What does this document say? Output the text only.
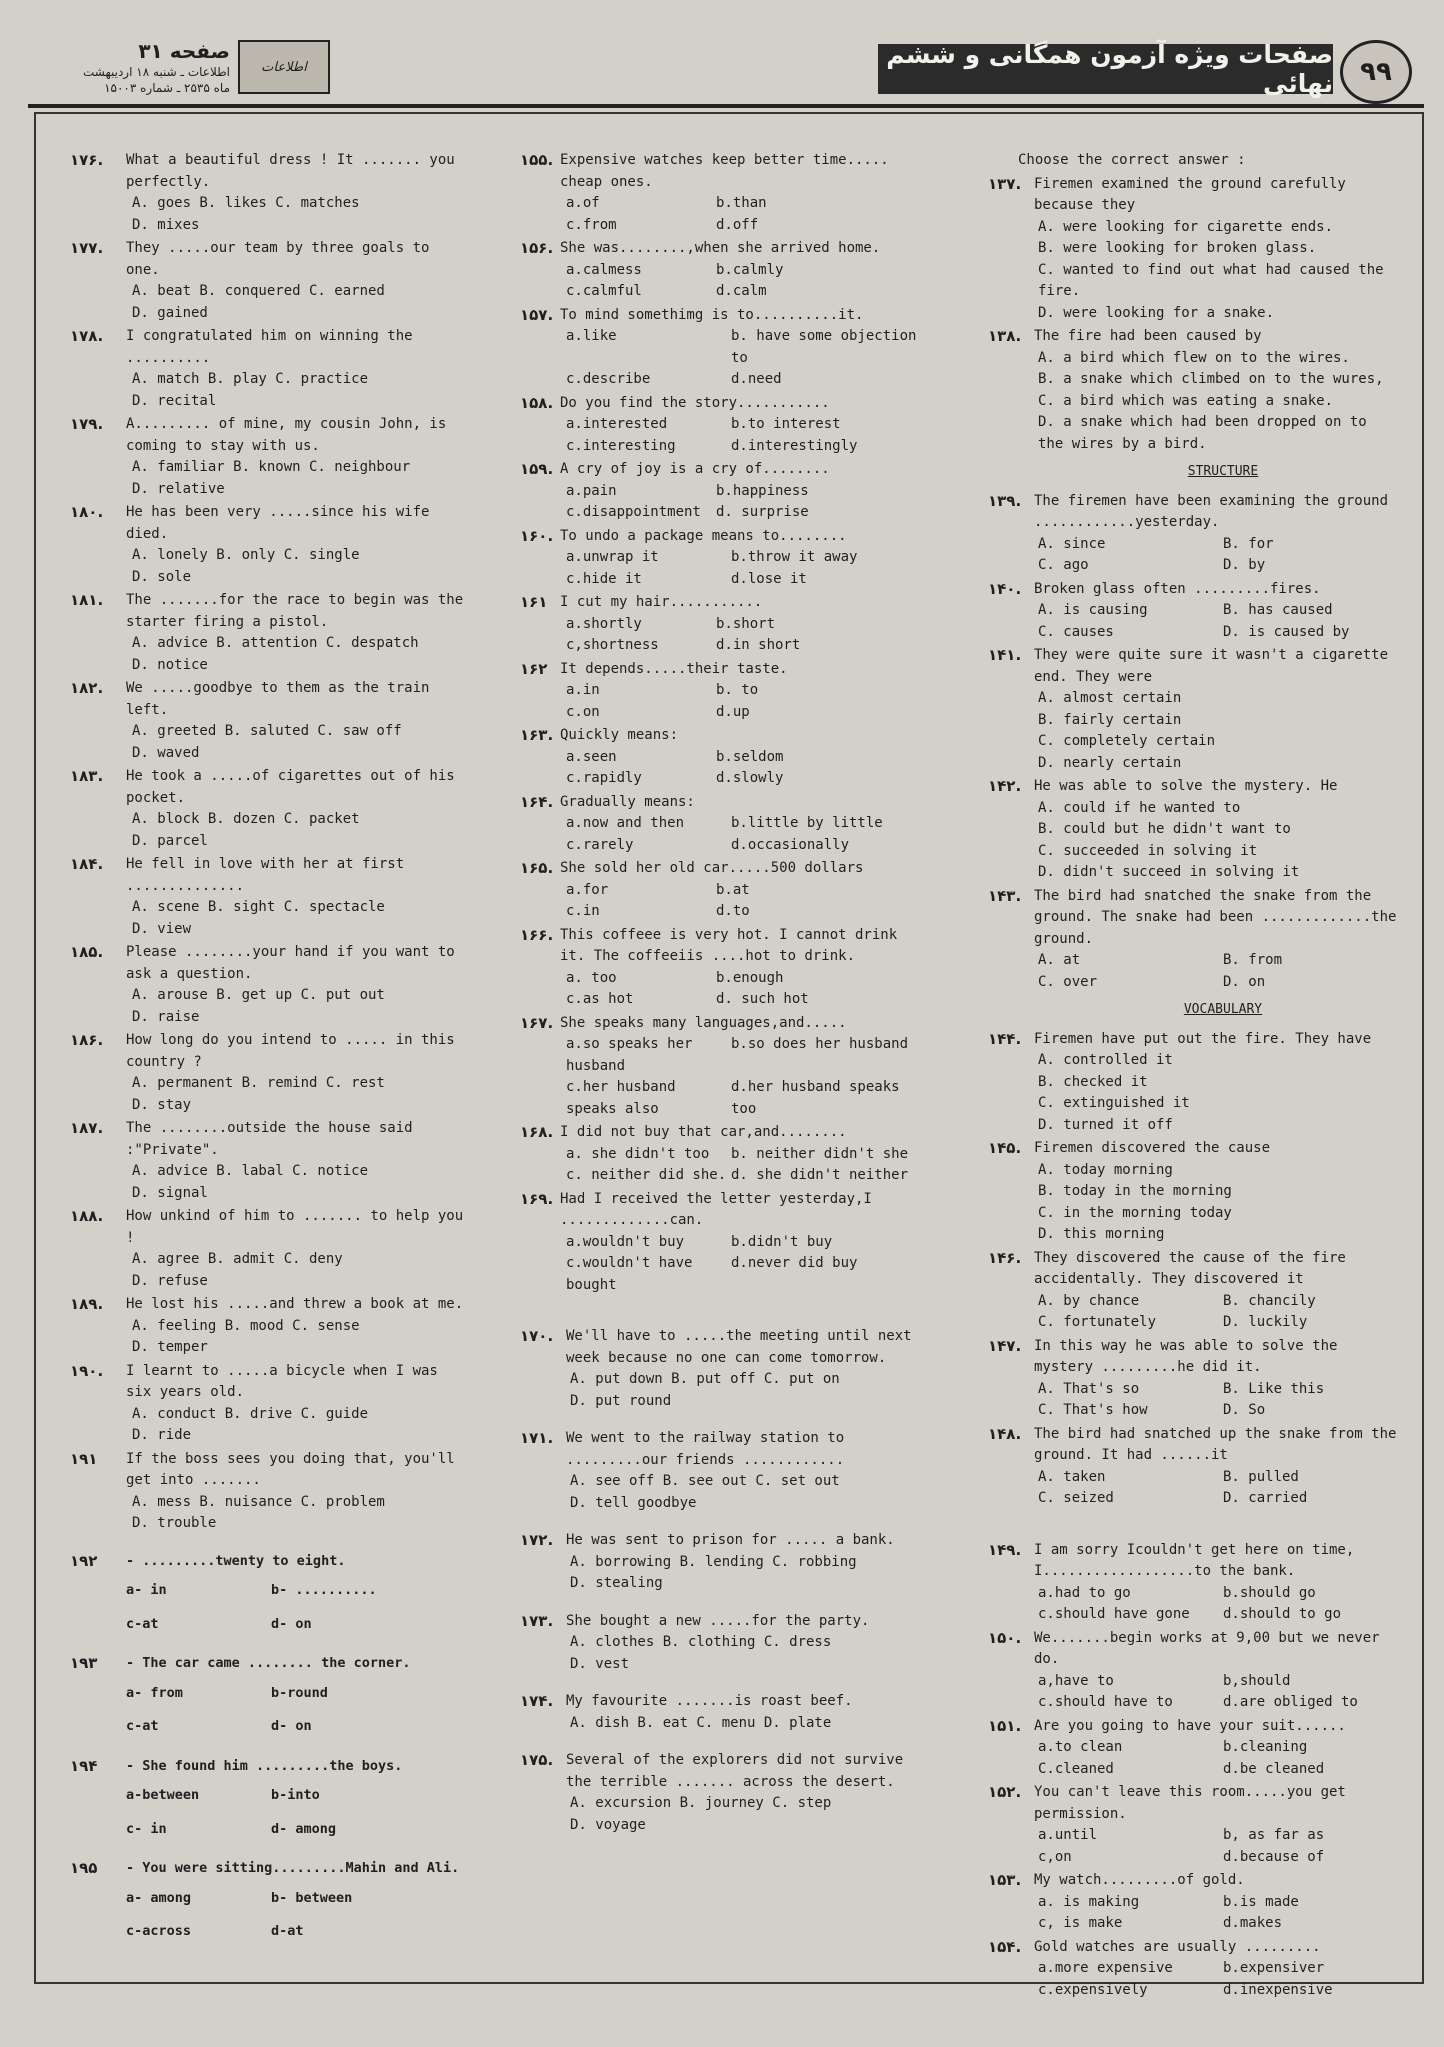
صفحه ۳۱
اطلاعات ـ شنبه ۱۸ اردیبهشت
ماه ۲۵۳۵ ـ شماره ۱۵۰۰۳
اطلاعات	صفحات ویژه آزمون همگانی و ششم نهائی	۹۹
۱۷۶. What a beautiful dress ! It ....... you perfectly.
A. goes B. likes C. matches
D. mixes
۱۷۷. They .....our team by three goals to one.
A. beat B. conquered C. earned
D. gained
۱۷۸. I congratulated him on winning the ..........
A. match B. play C. practice
D. recital
۱۷۹. A......... of mine, my cousin John, is coming to stay with us.
A. familiar B. known C. neighbour
D. relative
۱۸۰. He has been very .....since his wife died.
A. lonely B. only C. single
D. sole
۱۸۱. The .......for the race to begin was the starter firing a pistol.
A. advice B. attention C. despatch
D. notice
۱۸۲. We .....goodbye to them as the train left.
A. greeted B. saluted C. saw off
D. waved
۱۸۳. He took a .....of cigarettes out of his pocket.
A. block B. dozen C. packet
D. parcel
۱۸۴. He fell in love with her at first ..............
A. scene B. sight C. spectacle
D. view
۱۸۵. Please ........your hand if you want to ask a question.
A. arouse B. get up C. put out
D. raise
۱۸۶. How long do you intend to ..... in this country ?
A. permanent B. remind C. rest
D. stay
۱۸۷. The ........outside the house said :"Private".
A. advice B. labal C. notice
D. signal
۱۸۸. How unkind of him to ....... to help you !
A. agree B. admit C. deny
D. refuse
۱۸۹. He lost his .....and threw a book at me.
A. feeling B. mood C. sense
D. temper
۱۹۰. I learnt to .....a bicycle when I was six years old.
A. conduct B. drive C. guide
D. ride
۱۹۱ If the boss sees you doing that, you'll get into .......
A. mess B. nuisance C. problem
D. trouble
۱۹۲ - .........twenty to eight.
a- in	b- ..........
c-at	d- on
۱۹۳ - The car came ........ the corner.
a- from	b-round
c-at	d- on
۱۹۴ - She found him .........the boys.
a-between	b-into
c- in	d- among
۱۹۵ - You were sitting.........Mahin and Ali.
a- among	b- between
c-across	d-at
۱۵۵. Expensive watches keep better time..... cheap ones.
a.of	b.than
c.from	d.off
۱۵۶. She was........,when she arrived home.
a.calmess	b.calmly
c.calmful	d.calm
۱۵۷. To mind somethimg is to..........it.
a.like	b. have some objection to
c.describe	d.need
۱۵۸. Do you find the story...........
a.interested	b.to interest
c.interesting	d.interestingly
۱۵۹. A cry of joy is a cry of........
a.pain	b.happiness
c.disappointment	d. surprise
۱۶۰. To undo a package means to........
a.unwrap it	b.throw it away
c.hide it	d.lose it
۱۶۱ I cut my hair...........
a.shortly	b.short
c,shortness	d.in short
۱۶۲ It depends.....their taste.
a.in	b. to
c.on	d.up
۱۶۳. Quickly means:
a.seen	b.seldom
c.rapidly	d.slowly
۱۶۴. Gradually means:
a.now and then	b.little by little
c.rarely	d.occasionally
۱۶۵. She sold her old car.....500 dollars
a.for	b.at
c.in	d.to
۱۶۶. This coffeee is very hot. I cannot drink it. The coffeeiis ....hot to drink.
a. too	b.enough
c.as hot	d. such hot
۱۶۷. She speaks many languages,and.....
a.so speaks her husband
b.so does her husband
c.her husband speaks also
d.her husband speaks too
۱۶۸. I did not buy that car,and........
a. she didn't too	b. neither didn't she
c. neither did she. d. she didn't neither
۱۶۹. Had I received the letter yesterday,I .............can.
a.wouldn't buy	b.didn't buy
c.wouldn't have bought
d.never did buy
۱۷۰. We'll have to .....the meeting until next week because no one can come tomorrow.
A. put down B. put off C. put on
D. put round
۱۷۱. We went to the railway station to .........our friends ............
A. see off B. see out C. set out
D. tell goodbye
۱۷۲. He was sent to prison for ..... a bank.
A. borrowing B. lending C. robbing
D. stealing
۱۷۳. She bought a new .....for the party.
A. clothes B. clothing C. dress
D. vest
۱۷۴. My favourite .......is roast beef.
A. dish B. eat C. menu D. plate
۱۷۵. Several of the explorers did not survive the terrible ....... across the desert.
A. excursion B. journey C. step
D. voyage
Choose the correct answer :
۱۳۷. Firemen examined the ground carefully because they
A. were looking for cigarette ends.
B. were looking for broken glass.
C. wanted to find out what had caused the fire.
D. were looking for a snake.
۱۳۸. The fire had been caused by
A. a bird which flew on to the wires.
B. a snake which climbed on to the wures,
C. a bird which was eating a snake.
D. a snake which had been dropped on to the wires by a bird.
STRUCTURE
۱۳۹. The firemen have been examining the ground ............yesterday.
A. since	B. for
C. ago	D. by
۱۴۰. Broken glass often .........fires.
A. is causing	B. has caused
C. causes	D. is caused by
۱۴۱. They were quite sure it wasn't a cigarette end. They were
A. almost certain
B. fairly certain
C. completely certain
D. nearly certain
۱۴۲. He was able to solve the mystery. He
A. could if he wanted to
B. could but he didn't want to
C. succeeded in solving it
D. didn't succeed in solving it
۱۴۳. The bird had snatched the snake from the ground. The snake had been .............the ground.
A. at	B. from
C. over	D. on
VOCABULARY
۱۴۴. Firemen have put out the fire. They have
A. controlled it
B. checked it
C. extinguished it
D. turned it off
۱۴۵. Firemen discovered the cause
A. today morning
B. today in the morning
C. in the morning today
D. this morning
۱۴۶. They discovered the cause of the fire accidentally. They discovered it
A. by chance	B. chancily
C. fortunately	D. luckily
۱۴۷. In this way he was able to solve the mystery .........he did it.
A. That's so	B. Like this
C. That's how	D. So
۱۴۸. The bird had snatched up the snake from the ground. It had ......it
A. taken	B. pulled
C. seized	D. carried
۱۴۹. I am sorry Icouldn't get here on time, I..................to the bank.
a.had to go	b.should go
c.should have gone	d.should to go
۱۵۰. We.......begin works at 9,00 but we never do.
a,have to	b,should
c.should have to	d.are obliged to
۱۵۱. Are you going to have your suit......
a.to clean	b.cleaning
C.cleaned	d.be cleaned
۱۵۲. You can't leave this room.....you get permission.
a.until	b, as far as
c,on	d.because of
۱۵۳. My watch.........of gold.
a. is making	b.is made
c, is make	d.makes
۱۵۴. Gold watches are usually .........
a.more expensive	b.expensiver
c.expensively	d.inexpensive
